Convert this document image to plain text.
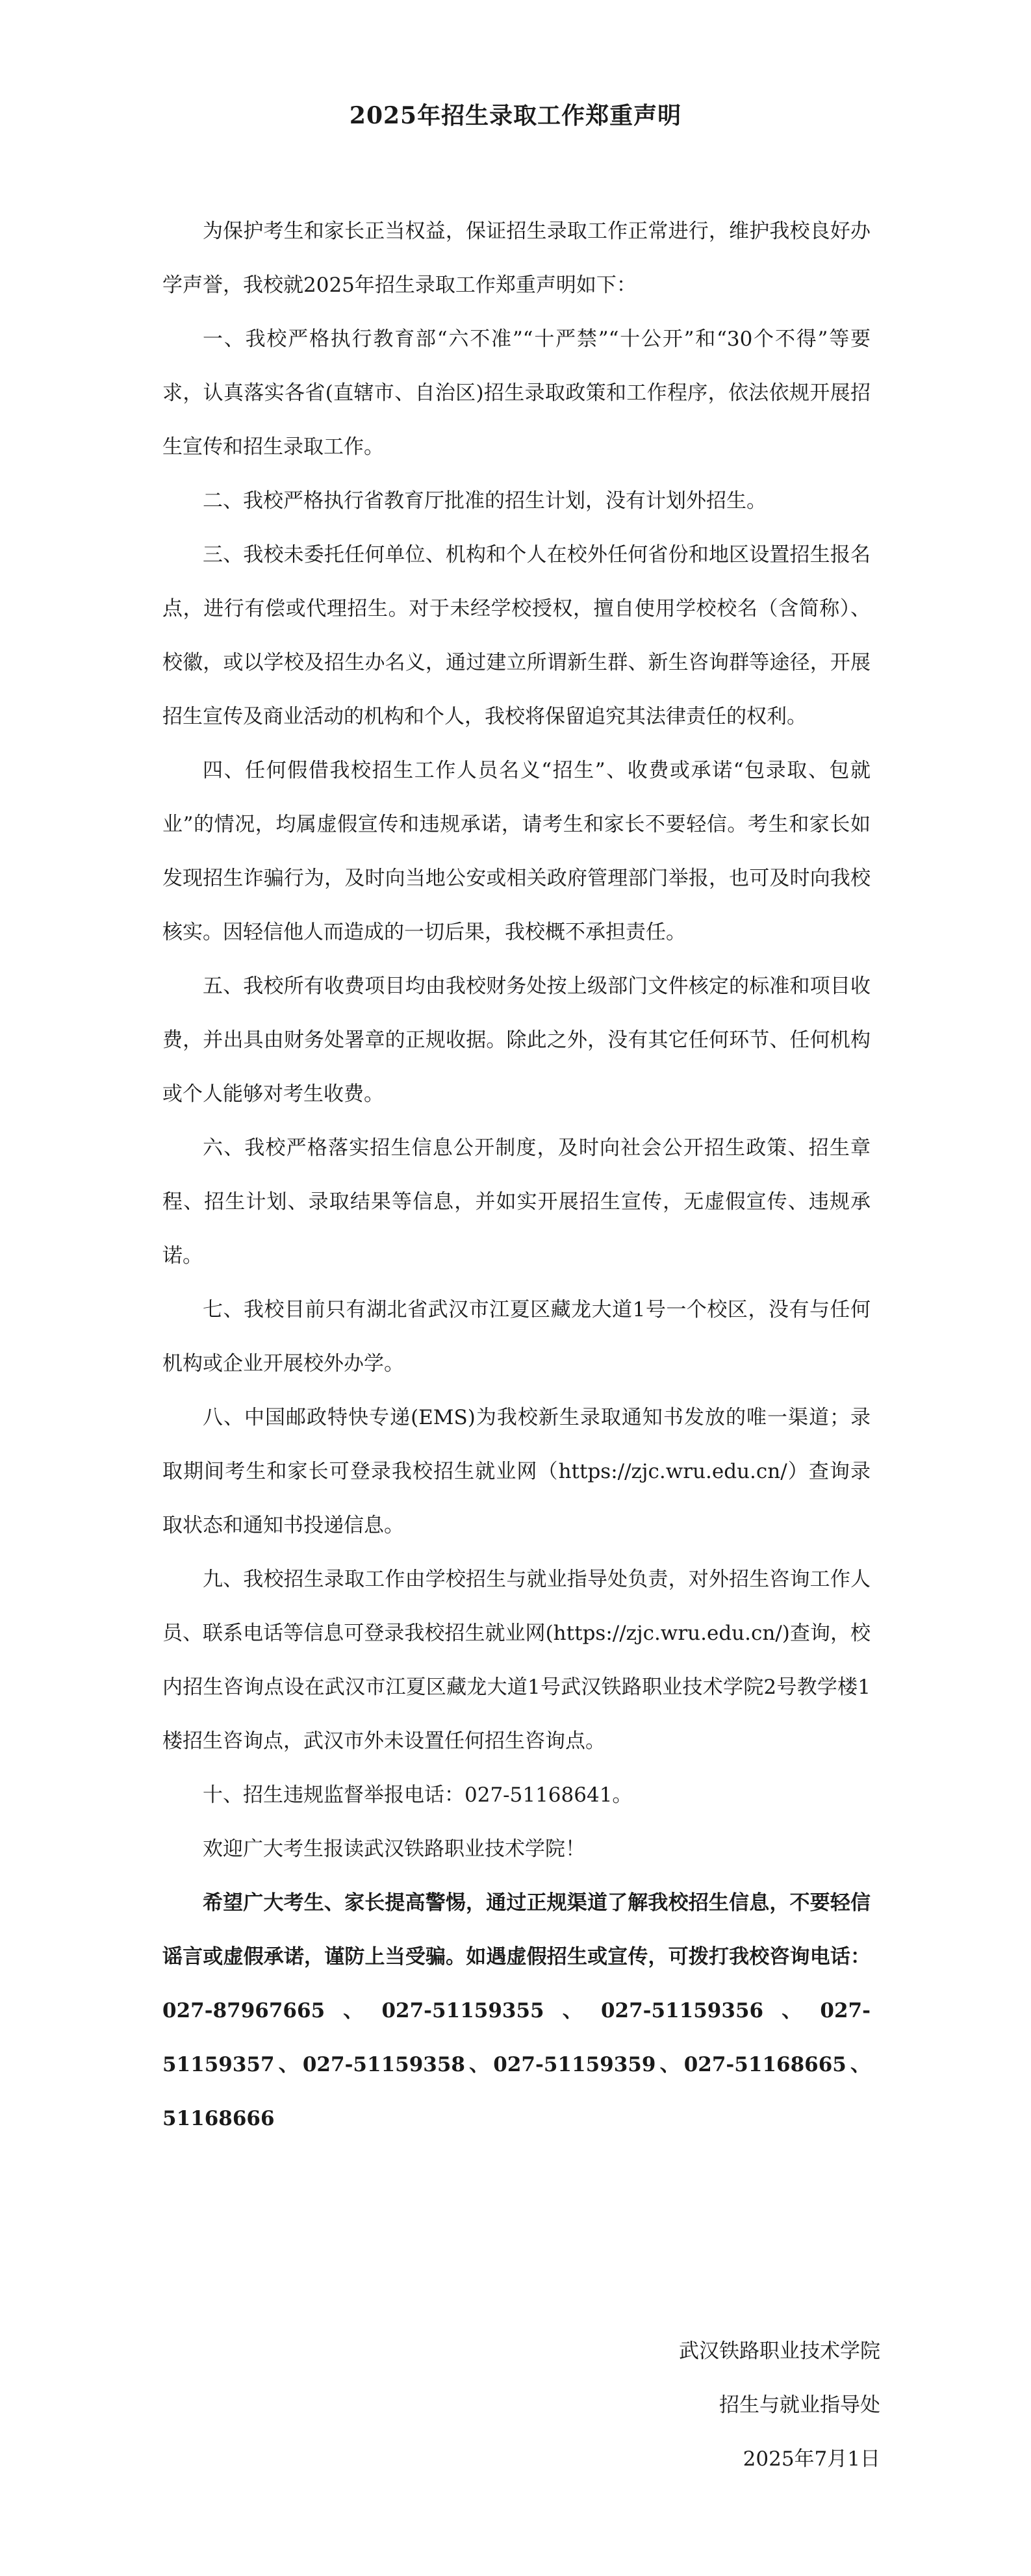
2025年招生录取工作郑重声明

为保护考生和家长正当权益，保证招生录取工作正常进行，维护我校良好办学声誉，我校就2025年招生录取工作郑重声明如下：

一、我校严格执行教育部“六不准”“十严禁”“十公开”和“30个不得”等要求，认真落实各省(直辖市、自治区)招生录取政策和工作程序，依法依规开展招生宣传和招生录取工作。

二、我校严格执行省教育厅批准的招生计划，没有计划外招生。

三、我校未委托任何单位、机构和个人在校外任何省份和地区设置招生报名点，进行有偿或代理招生。对于未经学校授权，擅自使用学校校名（含简称）、校徽，或以学校及招生办名义，通过建立所谓新生群、新生咨询群等途径，开展招生宣传及商业活动的机构和个人，我校将保留追究其法律责任的权利。

四、任何假借我校招生工作人员名义“招生”、收费或承诺“包录取、包就业”的情况，均属虚假宣传和违规承诺，请考生和家长不要轻信。考生和家长如发现招生诈骗行为，及时向当地公安或相关政府管理部门举报，也可及时向我校核实。因轻信他人而造成的一切后果，我校概不承担责任。

五、我校所有收费项目均由我校财务处按上级部门文件核定的标准和项目收费，并出具由财务处署章的正规收据。除此之外，没有其它任何环节、任何机构或个人能够对考生收费。

六、我校严格落实招生信息公开制度，及时向社会公开招生政策、招生章程、招生计划、录取结果等信息，并如实开展招生宣传，无虚假宣传、违规承诺。

七、我校目前只有湖北省武汉市江夏区藏龙大道1号一个校区，没有与任何机构或企业开展校外办学。

八、中国邮政特快专递(EMS)为我校新生录取通知书发放的唯一渠道；录取期间考生和家长可登录我校招生就业网（https://zjc.wru.edu.cn/）查询录取状态和通知书投递信息。

九、我校招生录取工作由学校招生与就业指导处负责，对外招生咨询工作人员、联系电话等信息可登录我校招生就业网(https://zjc.wru.edu.cn/)查询，校内招生咨询点设在武汉市江夏区藏龙大道1号武汉铁路职业技术学院2号教学楼1楼招生咨询点，武汉市外未设置任何招生咨询点。

十、招生违规监督举报电话：027-51168641。

欢迎广大考生报读武汉铁路职业技术学院！

希望广大考生、家长提高警惕，通过正规渠道了解我校招生信息，不要轻信谣言或虚假承诺，谨防上当受骗。如遇虚假招生或宣传，可拨打我校咨询电话：027-87967665、027-51159355、027-51159356、027-51159357、027-51159358、027-51159359、027-51168665、51168666

武汉铁路职业技术学院

招生与就业指导处

2025年7月1日
